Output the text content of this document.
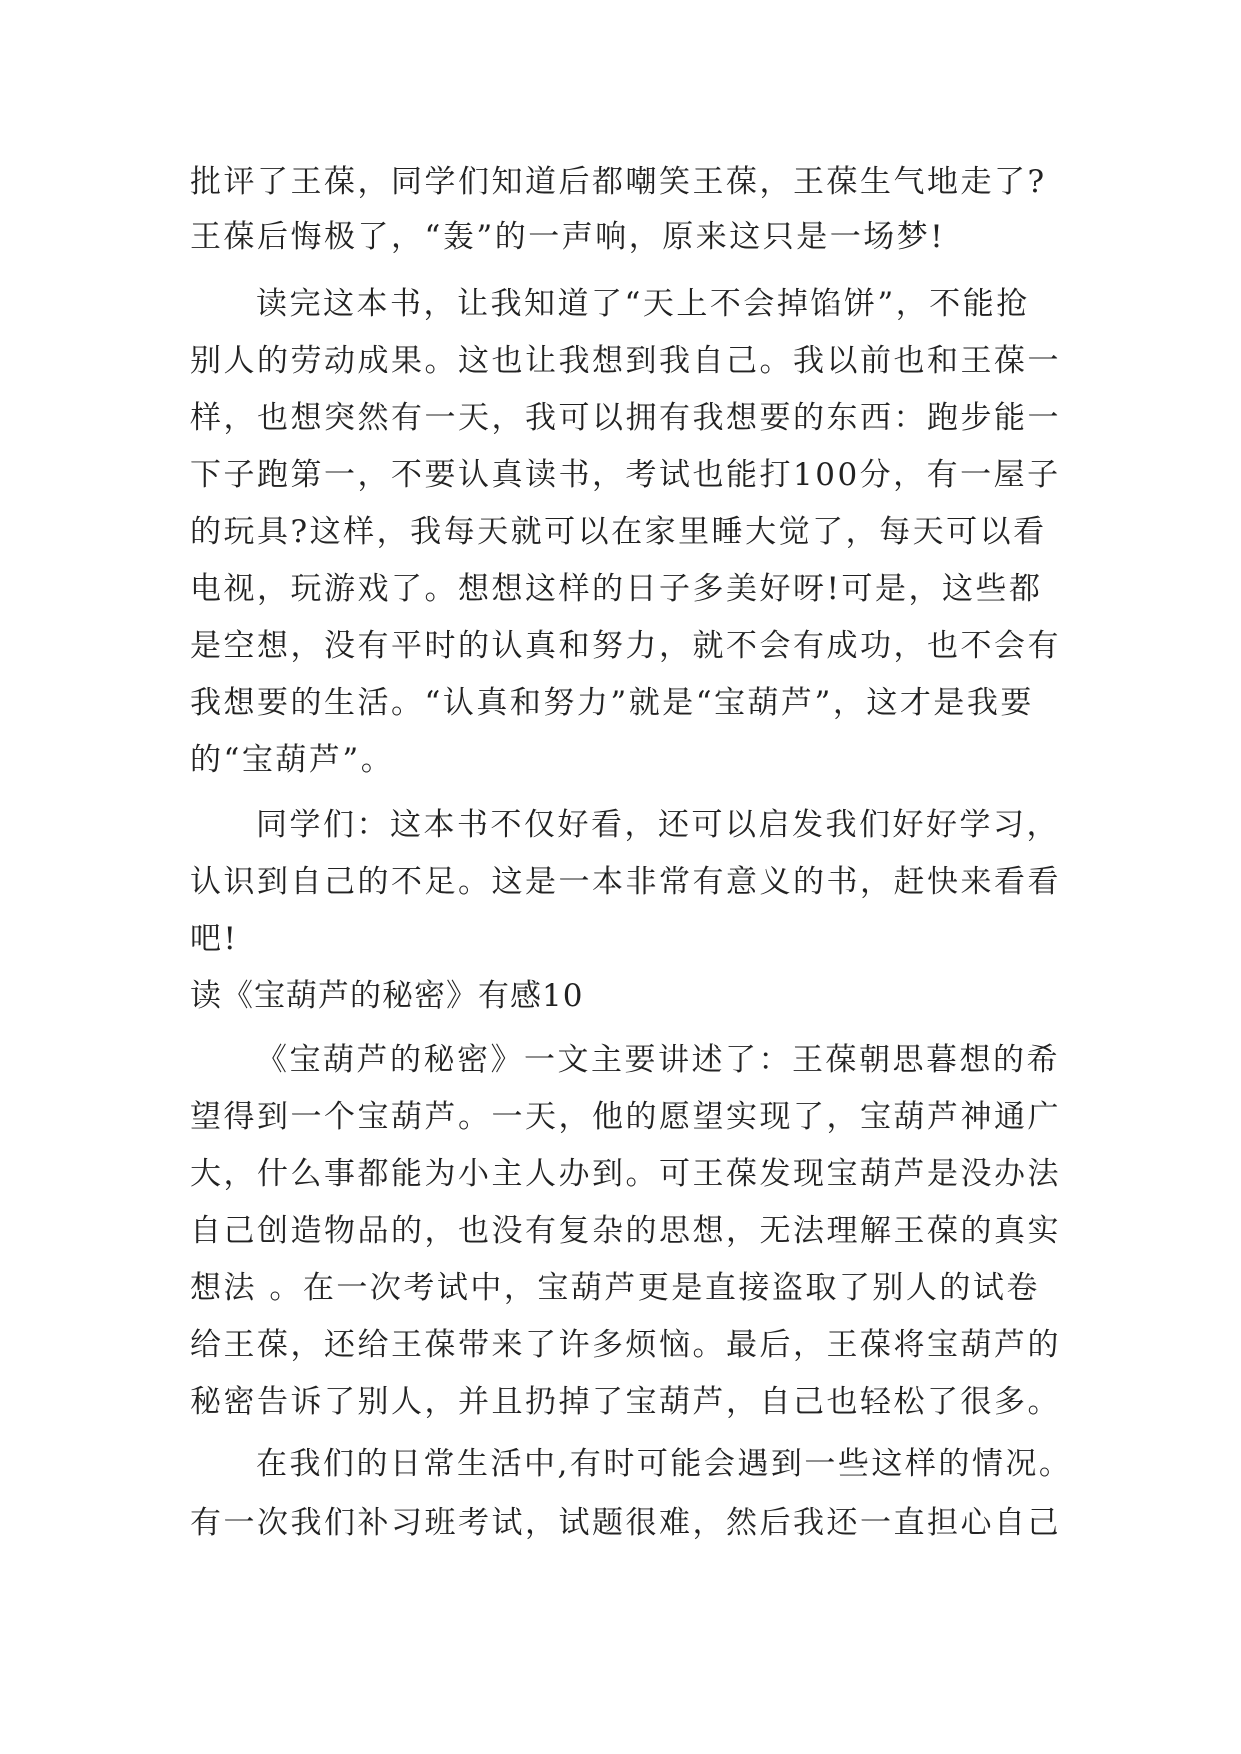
批评了王葆，同学们知道后都嘲笑王葆，王葆生气地走了?
王葆后悔极了，“轰”的一声响，原来这只是一场梦!
读完这本书，让我知道了“天上不会掉馅饼”，不能抢
别人的劳动成果。这也让我想到我自己。我以前也和王葆一
样，也想突然有一天，我可以拥有我想要的东西：跑步能一
下子跑第一，不要认真读书，考试也能打100分，有一屋子
的玩具?这样，我每天就可以在家里睡大觉了，每天可以看
电视，玩游戏了。想想这样的日子多美好呀!可是，这些都
是空想，没有平时的认真和努力，就不会有成功，也不会有
我想要的生活。“认真和努力”就是“宝葫芦”，这才是我要
的“宝葫芦”。
同学们：这本书不仅好看，还可以启发我们好好学习，
认识到自己的不足。这是一本非常有意义的书，赶快来看看
吧!
读《宝葫芦的秘密》有感10
《宝葫芦的秘密》一文主要讲述了：王葆朝思暮想的希
望得到一个宝葫芦。一天，他的愿望实现了，宝葫芦神通广
大，什么事都能为小主人办到。可王葆发现宝葫芦是没办法
自己创造物品的，也没有复杂的思想，无法理解王葆的真实
想法 。在一次考试中，宝葫芦更是直接盗取了别人的试卷
给王葆，还给王葆带来了许多烦恼。最后，王葆将宝葫芦的
秘密告诉了别人，并且扔掉了宝葫芦，自己也轻松了很多。
在我们的日常生活中,有时可能会遇到一些这样的情况。
有一次我们补习班考试，试题很难，然后我还一直担心自己
